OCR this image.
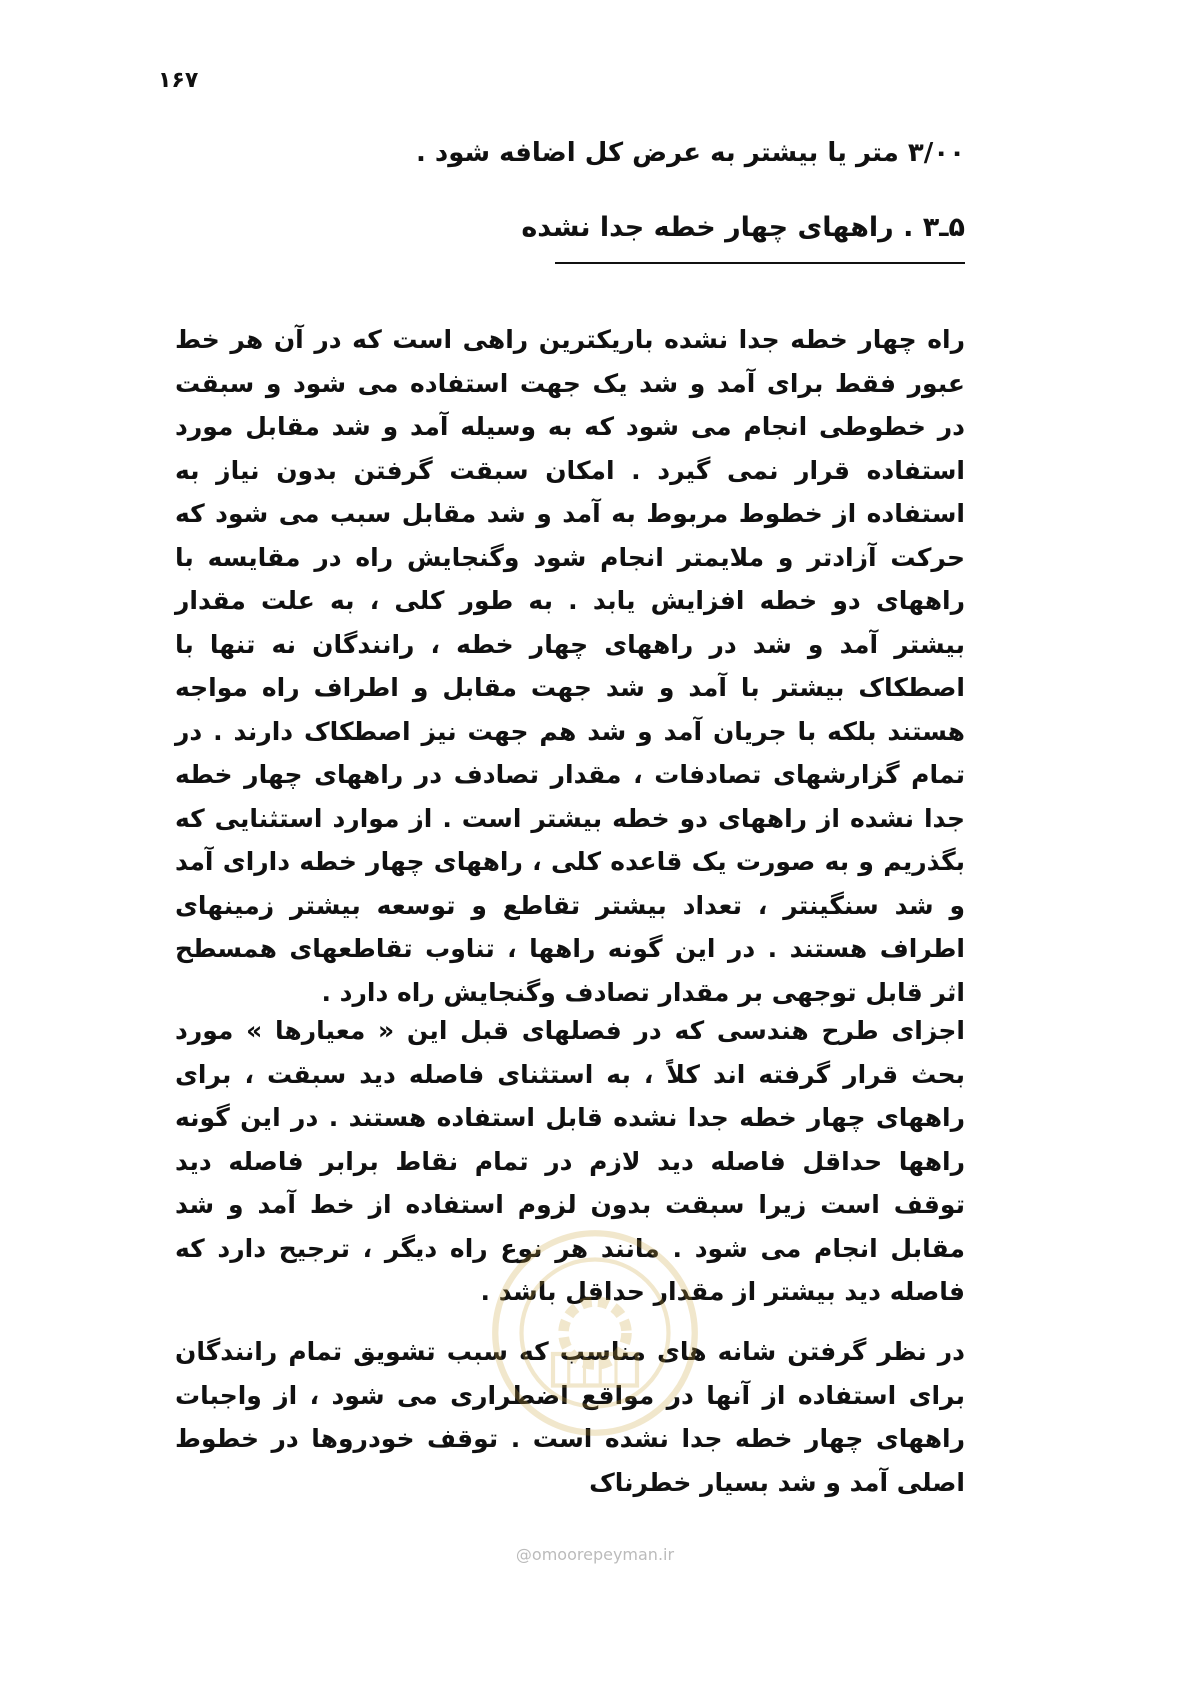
۱۶۷
۳/۰۰ متر یا بیشتر به عرض کل اضافه شود .
۵ـ۳ . راههای چهار خطه جدا نشده

راه چهار خطه جدا نشده باریکترین راهی است که در آن هر خط عبور فقط برای آمد و شد یک جهت استفاده می شود و سبقت در خطوطی انجام می شود که به وسیله آمد و شد مقابل مورد استفاده قرار نمی گیرد . امکان سبقت گرفتن بدون نیاز به استفاده از خطوط مربوط به آمد و شد مقابل سبب می شود که حرکت آزادتر و ملایمتر انجام شود وگنجایش راه در مقایسه با راههای دو خطه افزایش یابد . به طور کلی ، به علت مقدار بیشتر آمد و شد در راههای چهار خطه ، رانندگان نه تنها با اصطکاک بیشتر با آمد و شد جهت مقابل و اطراف راه مواجه هستند بلکه با جریان آمد و شد هم جهت نیز اصطکاک دارند . در تمام گزارشهای تصادفات ، مقدار تصادف در راههای چهار خطه جدا نشده از راههای دو خطه بیشتر است . از موارد استثنایی که بگذریم و به صورت یک قاعده کلی ، راههای چهار خطه دارای آمد و شد سنگینتر ، تعداد بیشتر تقاطع و توسعه بیشتر زمینهای اطراف هستند . در این گونه راهها ، تناوب تقاطعهای همسطح اثر قابل توجهی بر مقدار تصادف وگنجایش راه دارد .

اجزای طرح هندسی که در فصلهای قبل این « معیارها » مورد بحث قرار گرفته اند کلاً ، به استثنای فاصله دید سبقت ، برای راههای چهار خطه جدا نشده قابل استفاده هستند . در این گونه راهها حداقل فاصله دید لازم در تمام نقاط برابر فاصله دید توقف است زیرا سبقت بدون لزوم استفاده از خط آمد و شد مقابل انجام می شود . مانند هر نوع راه دیگر ، ترجیح دارد که فاصله دید بیشتر از مقدار حداقل باشد .

در نظر گرفتن شانه های مناسب که سبب تشویق تمام رانندگان برای استفاده از آنها در مواقع اضطراری می شود ، از واجبات راههای چهار خطه جدا نشده است . توقف خودروها در خطوط اصلی آمد و شد بسیار خطرناک

@omoorepeyman.ir
